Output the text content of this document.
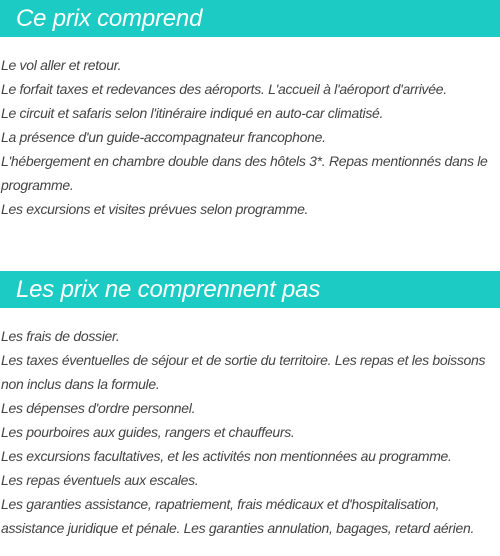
Ce prix comprend
Le vol aller et retour.
Le forfait taxes et redevances des aéroports. L'accueil à l'aéroport d'arrivée.
Le circuit et safaris selon l'itinéraire indiqué en auto-car climatisé.
La présence d'un guide-accompagnateur francophone.
L'hébergement en chambre double dans des hôtels 3*. Repas mentionnés dans le programme.
Les excursions et visites prévues selon programme.
Les prix ne comprennent pas
Les frais de dossier.
Les taxes éventuelles de séjour et de sortie du territoire. Les repas et les boissons non inclus dans la formule.
Les dépenses d'ordre personnel.
Les pourboires aux guides, rangers et chauffeurs.
Les excursions facultatives, et les activités non mentionnées au programme.
Les repas éventuels aux escales.
Les garanties assistance, rapatriement, frais médicaux et d'hospitalisation, assistance juridique et pénale. Les garanties annulation, bagages, retard aérien.
